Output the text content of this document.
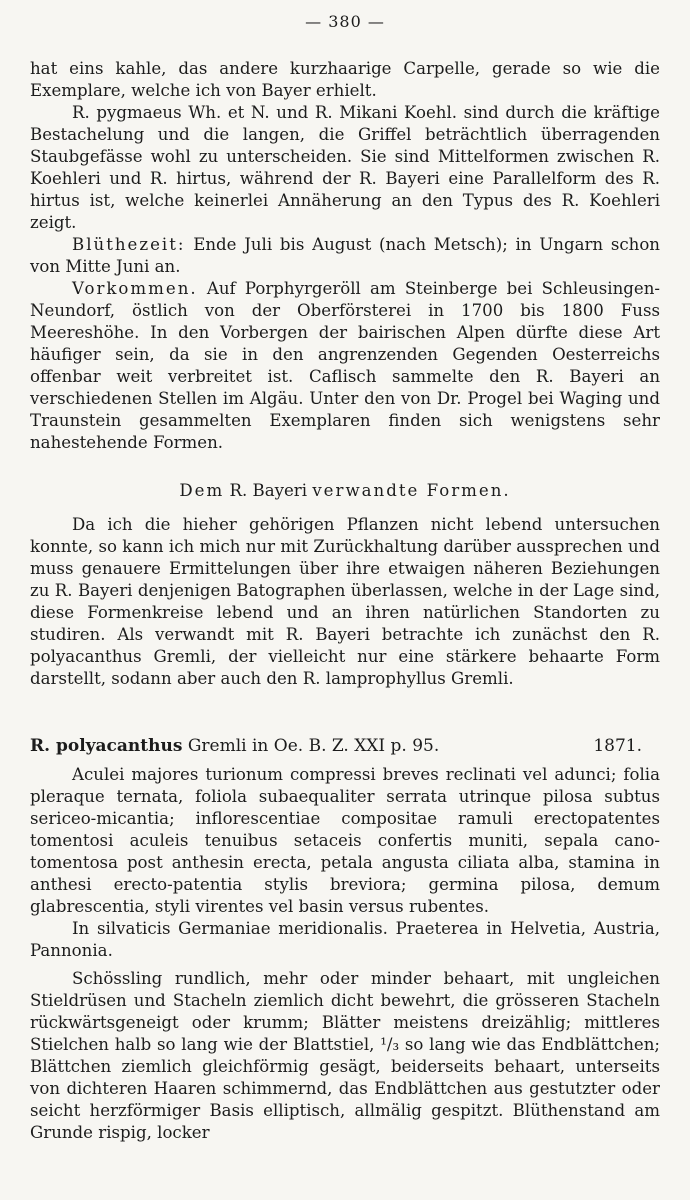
— 380 —

hat eins kahle, das andere kurzhaarige Carpelle, gerade so wie die Exemplare, welche ich von Bayer erhielt.

R. pygmaeus Wh. et N. und R. Mikani Koehl. sind durch die kräftige Bestachelung und die langen, die Griffel beträchtlich überragenden Staubgefässe wohl zu unterscheiden. Sie sind Mittelformen zwischen R. Koehleri und R. hirtus, während der R. Bayeri eine Parallelform des R. hirtus ist, welche keinerlei Annäherung an den Typus des R. Koehleri zeigt.

Blüthezeit: Ende Juli bis August (nach Metsch); in Ungarn schon von Mitte Juni an.

Vorkommen. Auf Porphyrgeröll am Steinberge bei Schleusingen-Neundorf, östlich von der Oberförsterei in 1700 bis 1800 Fuss Meereshöhe. In den Vorbergen der bairischen Alpen dürfte diese Art häufiger sein, da sie in den angrenzenden Gegenden Oesterreichs offenbar weit verbreitet ist. Caflisch sammelte den R. Bayeri an verschiedenen Stellen im Algäu. Unter den von Dr. Progel bei Waging und Traunstein gesammelten Exemplaren finden sich wenigstens sehr nahestehende Formen.

Dem R. Bayeri verwandte Formen.

Da ich die hieher gehörigen Pflanzen nicht lebend untersuchen konnte, so kann ich mich nur mit Zurückhaltung darüber aussprechen und muss genauere Ermittelungen über ihre etwaigen näheren Beziehungen zu R. Bayeri denjenigen Batographen überlassen, welche in der Lage sind, diese Formenkreise lebend und an ihren natürlichen Standorten zu studiren. Als verwandt mit R. Bayeri betrachte ich zunächst den R. polyacanthus Gremli, der vielleicht nur eine stärkere behaarte Form darstellt, sodann aber auch den R. lamprophyllus Gremli.

R. polyacanthus Gremli in Oe. B. Z. XXI p. 95.	1871.

Aculei majores turionum compressi breves reclinati vel adunci; folia pleraque ternata, foliola subaequaliter serrata utrinque pilosa subtus sericeo-micantia; inflorescentiae compositae ramuli erectopatentes tomentosi aculeis tenuibus setaceis confertis muniti, sepala cano-tomentosa post anthesin erecta, petala angusta ciliata alba, stamina in anthesi erecto-patentia stylis breviora; germina pilosa, demum glabrescentia, styli virentes vel basin versus rubentes.

In silvaticis Germaniae meridionalis. Praeterea in Helvetia, Austria, Pannonia.

Schössling rundlich, mehr oder minder behaart, mit ungleichen Stieldrüsen und Stacheln ziemlich dicht bewehrt, die grösseren Stacheln rückwärtsgeneigt oder krumm; Blätter meistens dreizählig; mittleres Stielchen halb so lang wie der Blattstiel, ¹/₃ so lang wie das Endblättchen; Blättchen ziemlich gleichförmig gesägt, beiderseits behaart, unterseits von dichteren Haaren schimmernd, das Endblättchen aus gestutzter oder seicht herzförmiger Basis elliptisch, allmälig gespitzt. Blüthenstand am Grunde rispig, locker
